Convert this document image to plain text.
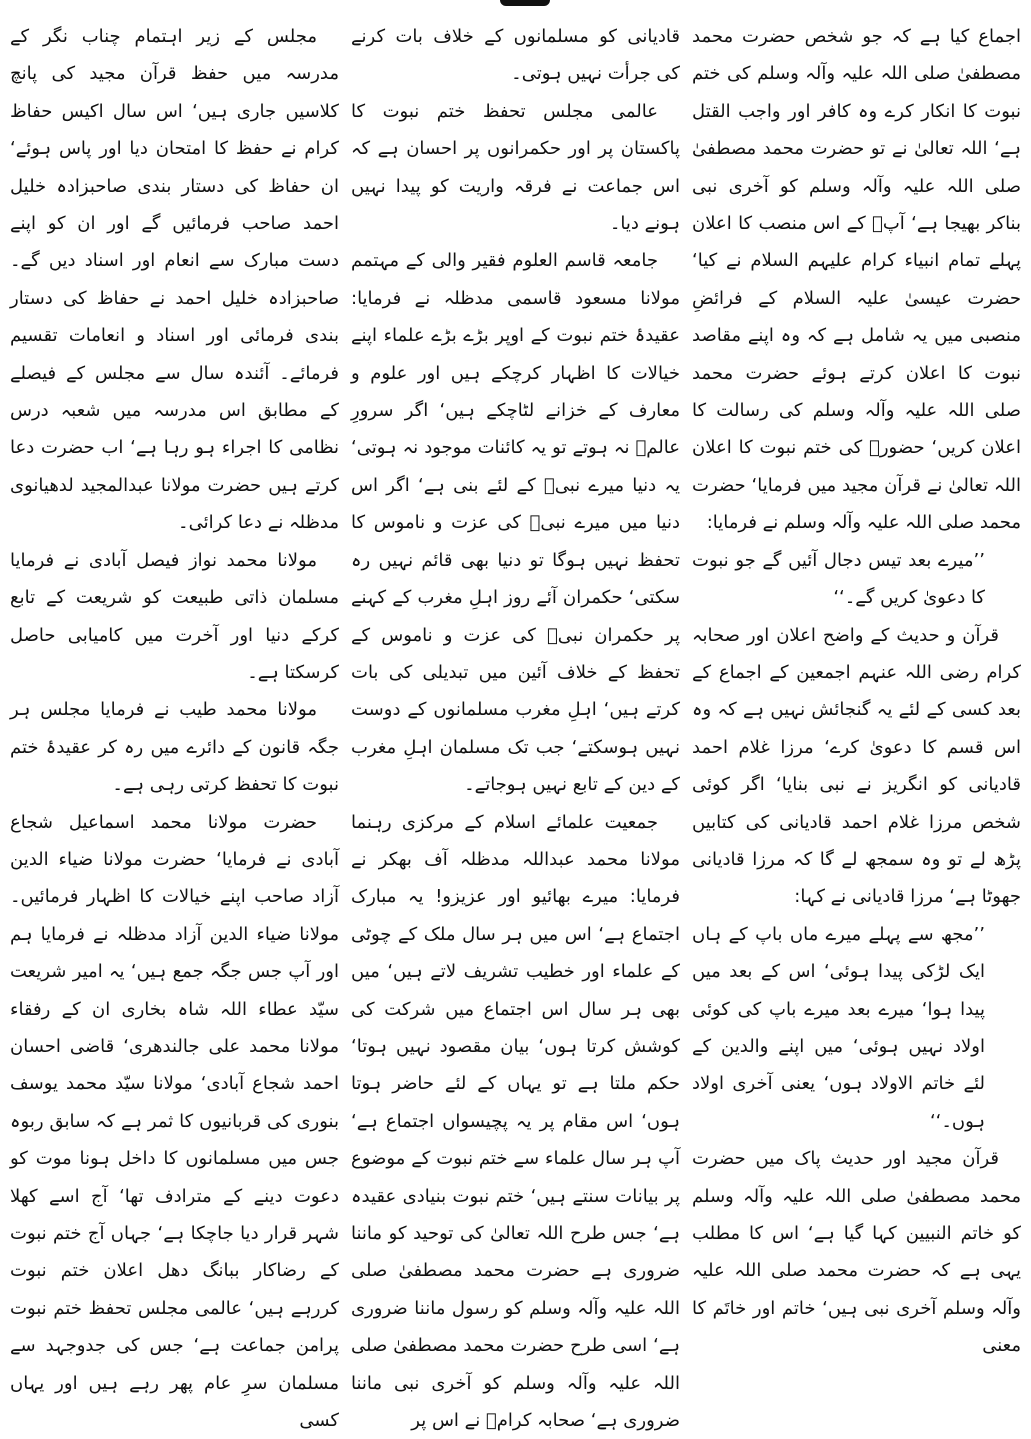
مجلس کے زیر اہتمام چناب نگر کے مدرسہ میں حفظ قرآن مجید کی پانچ کلاسیں جاری ہیں‘ اس سال اکیس حفاظ کرام نے حفظ کا امتحان دیا اور پاس ہوئے‘ ان حفاظ کی دستار بندی صاحبزادہ خلیل احمد صاحب فرمائیں گے اور ان کو اپنے دست مبارک سے انعام اور اسناد دیں گے۔ صاحبزادہ خلیل احمد نے حفاظ کی دستار بندی فرمائی اور اسناد و انعامات تقسیم فرمائے۔ آئندہ سال سے مجلس کے فیصلے کے مطابق اس مدرسہ میں شعبہ درس نظامی کا اجراء ہو رہا ہے‘ اب حضرت دعا کرتے ہیں حضرت مولانا عبدالمجید لدھیانوی مدظلہ نے دعا کرائی۔

مولانا محمد نواز فیصل آبادی نے فرمایا مسلمان ذاتی طبیعت کو شریعت کے تابع کرکے دنیا اور آخرت میں کامیابی حاصل کرسکتا ہے۔

مولانا محمد طیب نے فرمایا مجلس ہر جگہ قانون کے دائرے میں رہ کر عقیدۂ ختم نبوت کا تحفظ کرتی رہی ہے۔

حضرت مولانا محمد اسماعیل شجاع آبادی نے فرمایا‘ حضرت مولانا ضیاء الدین آزاد صاحب اپنے خیالات کا اظہار فرمائیں۔ مولانا ضیاء الدین آزاد مدظلہ نے فرمایا ہم اور آپ جس جگہ جمع ہیں‘ یہ امیر شریعت سیّد عطاء اللہ شاہ بخاری ان کے رفقاء مولانا محمد علی جالندھری‘ قاضی احسان احمد شجاع آبادی‘ مولانا سیّد محمد یوسف بنوری کی قربانیوں کا ثمر ہے کہ سابق ربوہ جس میں مسلمانوں کا داخل ہونا موت کو دعوت دینے کے مترادف تھا‘ آج اسے کھلا شہر قرار دیا جاچکا ہے‘ جہاں آج ختم نبوت کے رضاکار ببانگ دھل اعلان ختم نبوت کررہے ہیں‘ عالمی مجلس تحفظ ختم نبوت پرامن جماعت ہے‘ جس کی جدوجہد سے مسلمان سرِ عام پھر رہے ہیں اور یہاں کسی

قادیانی کو مسلمانوں کے خلاف بات کرنے کی جرأت نہیں ہوتی۔

عالمی مجلس تحفظ ختم نبوت کا پاکستان پر اور حکمرانوں پر احسان ہے کہ اس جماعت نے فرقہ واریت کو پیدا نہیں ہونے دیا۔

جامعہ قاسم العلوم فقیر والی کے مہتمم مولانا مسعود قاسمی مدظلہ نے فرمایا: عقیدۂ ختم نبوت کے اوپر بڑے بڑے علماء اپنے خیالات کا اظہار کرچکے ہیں اور علوم و معارف کے خزانے لٹاچکے ہیں‘ اگر سرورِ عالمؐ نہ ہوتے تو یہ کائنات موجود نہ ہوتی‘ یہ دنیا میرے نبیؐ کے لئے بنی ہے‘ اگر اس دنیا میں میرے نبیؐ کی عزت و ناموس کا تحفظ نہیں ہوگا تو دنیا بھی قائم نہیں رہ سکتی‘ حکمران آئے روز اہلِ مغرب کے کہنے پر حکمران نبیؐ کی عزت و ناموس کے تحفظ کے خلاف آئین میں تبدیلی کی بات کرتے ہیں‘ اہلِ مغرب مسلمانوں کے دوست نہیں ہوسکتے‘ جب تک مسلمان اہلِ مغرب کے دین کے تابع نہیں ہوجاتے۔

جمعیت علمائے اسلام کے مرکزی رہنما مولانا محمد عبداللہ مدظلہ آف بھکر نے فرمایا: میرے بھائیو اور عزیزو! یہ مبارک اجتماع ہے‘ اس میں ہر سال ملک کے چوٹی کے علماء اور خطیب تشریف لاتے ہیں‘ میں بھی ہر سال اس اجتماع میں شرکت کی کوشش کرتا ہوں‘ بیان مقصود نہیں ہوتا‘ حکم ملتا ہے تو یہاں کے لئے حاضر ہوتا ہوں‘ اس مقام پر یہ پچیسواں اجتماع ہے‘ آپ ہر سال علماء سے ختم نبوت کے موضوع پر بیانات سنتے ہیں‘ ختم نبوت بنیادی عقیدہ ہے‘ جس طرح اللہ تعالیٰ کی توحید کو ماننا ضروری ہے حضرت محمد مصطفیٰ صلی اللہ علیہ وآلہ وسلم کو رسول ماننا ضروری ہے‘ اسی طرح حضرت محمد مصطفیٰ صلی اللہ علیہ وآلہ وسلم کو آخری نبی ماننا ضروری ہے‘ صحابہ کرامؓ نے اس پر

اجماع کیا ہے کہ جو شخص حضرت محمد مصطفیٰ صلی اللہ علیہ وآلہ وسلم کی ختم نبوت کا انکار کرے وہ کافر اور واجب القتل ہے‘ اللہ تعالیٰ نے تو حضرت محمد مصطفیٰ صلی اللہ علیہ وآلہ وسلم کو آخری نبی بناکر بھیجا ہے‘ آپؐ کے اس منصب کا اعلان پہلے تمام انبیاء کرام علیہم السلام نے کیا‘ حضرت عیسیٰ علیہ السلام کے فرائضِ منصبی میں یہ شامل ہے کہ وہ اپنے مقاصد نبوت کا اعلان کرتے ہوئے حضرت محمد صلی اللہ علیہ وآلہ وسلم کی رسالت کا اعلان کریں‘ حضورؐ کی ختم نبوت کا اعلان اللہ تعالیٰ نے قرآن مجید میں فرمایا‘ حضرت محمد صلی اللہ علیہ وآلہ وسلم نے فرمایا:

’’میرے بعد تیس دجال آئیں گے جو نبوت کا دعویٰ کریں گے۔‘‘

قرآن و حدیث کے واضح اعلان اور صحابہ کرام رضی اللہ عنہم اجمعین کے اجماع کے بعد کسی کے لئے یہ گنجائش نہیں ہے کہ وہ اس قسم کا دعویٰ کرے‘ مرزا غلام احمد قادیانی کو انگریز نے نبی بنایا‘ اگر کوئی شخص مرزا غلام احمد قادیانی کی کتابیں پڑھ لے تو وہ سمجھ لے گا کہ مرزا قادیانی جھوٹا ہے‘ مرزا قادیانی نے کہا:

’’مجھ سے پہلے میرے ماں باپ کے ہاں ایک لڑکی پیدا ہوئی‘ اس کے بعد میں پیدا ہوا‘ میرے بعد میرے باپ کی کوئی اولاد نہیں ہوئی‘ میں اپنے والدین کے لئے خاتم الاولاد ہوں‘ یعنی آخری اولاد ہوں۔‘‘

قرآن مجید اور حدیث پاک میں حضرت محمد مصطفیٰ صلی اللہ علیہ وآلہ وسلم کو خاتم النبیین کہا گیا ہے‘ اس کا مطلب یہی ہے کہ حضرت محمد صلی اللہ علیہ وآلہ وسلم آخری نبی ہیں‘ خاتم اور خاتَم کا معنی
